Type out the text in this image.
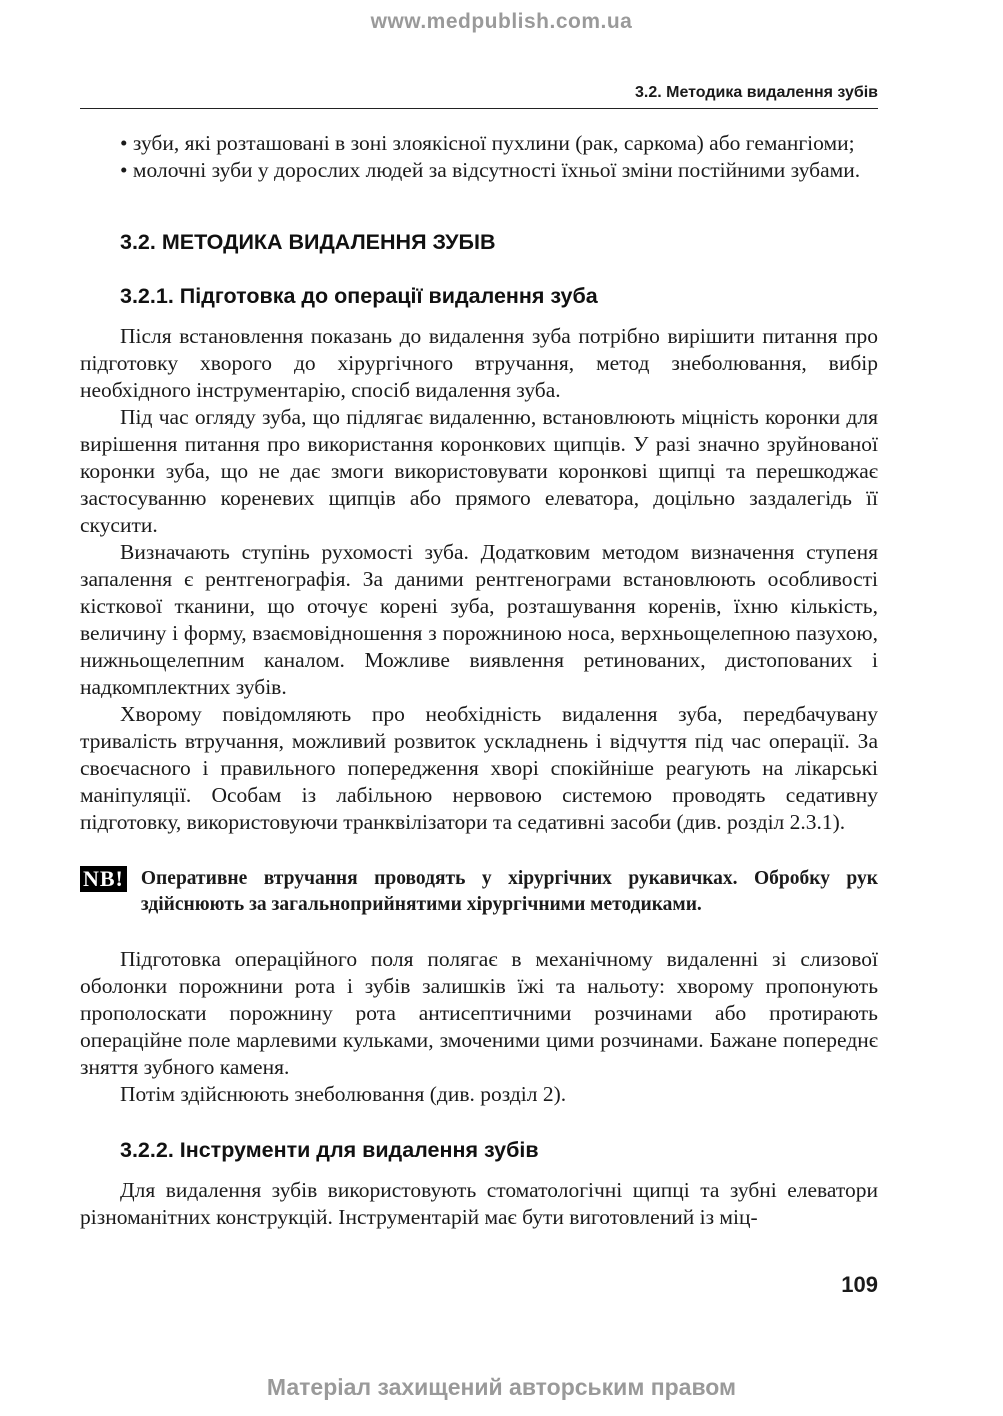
www.medpublish.com.ua
3.2. Методика видалення зубів

• зуби, які розташовані в зоні злоякісної пухлини (рак, саркома) або гемангіоми;

• молочні зуби у дорослих людей за відсутності їхньої зміни постійними зубами.

3.2. МЕТОДИКА ВИДАЛЕННЯ ЗУБІВ
3.2.1. Підготовка до операції видалення зуба

Після встановлення показань до видалення зуба потрібно вирішити питання про підготовку хворого до хірургічного втручання, метод знеболювання, вибір необхідного інструментарію, спосіб видалення зуба.

Під час огляду зуба, що підлягає видаленню, встановлюють міцність коронки для вирішення питання про використання коронкових щипців. У разі значно зруйнованої коронки зуба, що не дає змоги використовувати коронкові щипці та перешкоджає застосуванню кореневих щипців або прямого елеватора, доцільно заздалегідь її скусити.

Визначають ступінь рухомості зуба. Додатковим методом визначення ступеня запалення є рентгенографія. За даними рентгенограми встановлюють особливості кісткової тканини, що оточує корені зуба, розташування коренів, їхню кількість, величину і форму, взаємовідношення з порожниною носа, верхньощелепною пазухою, нижньощелепним каналом. Можливе виявлення ретинованих, дистопованих і надкомплектних зубів.

Хворому повідомляють про необхідність видалення зуба, передбачувану тривалість втручання, можливий розвиток ускладнень і відчуття під час операції. За своєчасного і правильного попередження хворі спокійніше реагують на лікарські маніпуляції. Особам із лабільною нервовою системою проводять седативну підготовку, використовуючи транквілізатори та седативні засоби (див. розділ 2.3.1).

NB! Оперативне втручання проводять у хірургічних рукавичках. Обробку рук здійснюють за загальноприйнятими хірургічними методиками.

Підготовка операційного поля полягає в механічному видаленні зі слизової оболонки порожнини рота і зубів залишків їжі та нальоту: хворому пропонують прополоскати порожнину рота антисептичними розчинами або протирають операційне поле марлевими кульками, змоченими цими розчинами. Бажане попереднє зняття зубного каменя.

Потім здійснюють знеболювання (див. розділ 2).

3.2.2. Інструменти для видалення зубів

Для видалення зубів використовують стоматологічні щипці та зубні елеватори різноманітних конструкцій. Інструментарій має бути виготовлений із міц-

109
Матеріал захищений авторським правом
